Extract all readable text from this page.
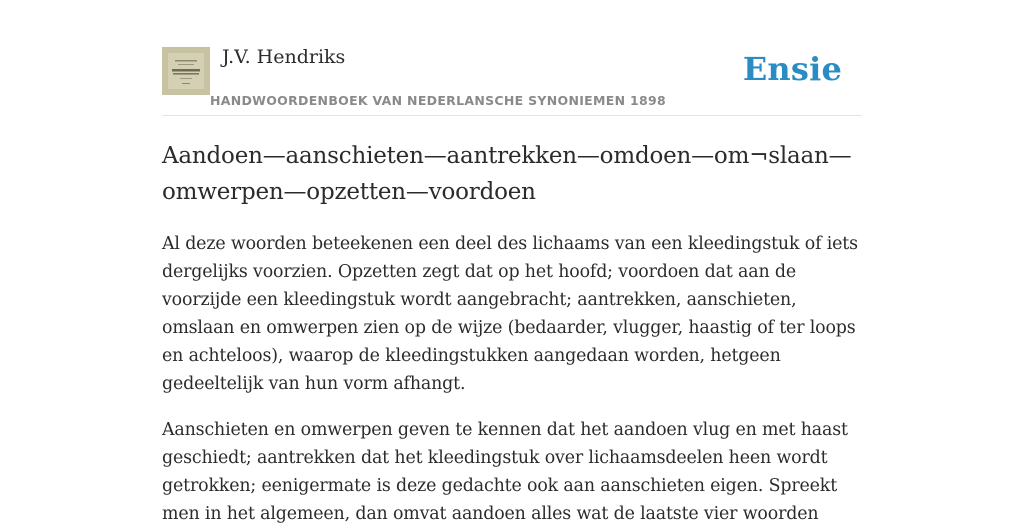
J.V. Hendriks
HANDWOORDENBOEK VAN NEDERLANSCHE SYNONIEMEN 1898
Ensie
Aandoen—aanschieten—aantrekken—omdoen—om¬slaan—omwerpen—opzetten—voordoen

Al deze woorden beteekenen een deel des lichaams van een kleedingstuk of iets dergelijks voorzien. Opzetten zegt dat op het hoofd; voordoen dat aan de voorzijde een kleedingstuk wordt aangebracht; aantrekken, aanschieten, omslaan en omwerpen zien op de wijze (bedaarder, vlugger, haastig of ter loops en achteloos), waarop de kleedingstukken aangedaan worden, hetgeen gedeeltelijk van hun vorm afhangt.

Aanschieten en omwerpen geven te kennen dat het aandoen vlug en met haast geschiedt; aantrekken dat het kleedingstuk over lichaamsdeelen heen wordt getrokken; eenigermate is deze gedachte ook aan aanschieten eigen. Spreekt men in het algemeen, dan omvat aandoen alles wat de laatste vier woorden
